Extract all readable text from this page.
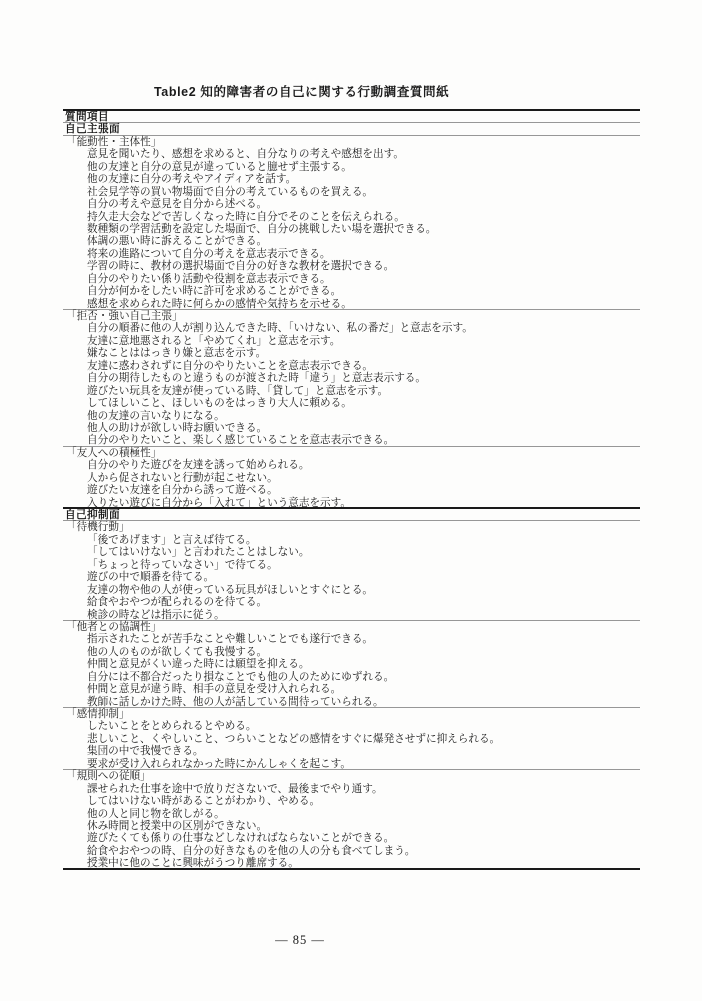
Table2 知的障害者の自己に関する行動調査質問紙
質問項目
自己主張面
「能動性・主体性」
意見を聞いたり、感想を求めると、自分なりの考えや感想を出す。
他の友達と自分の意見が違っていると臆せず主張する。
他の友達に自分の考えやアイディアを話す。
社会見学等の買い物場面で自分の考えているものを買える。
自分の考えや意見を自分から述べる。
持久走大会などで苦しくなった時に自分でそのことを伝えられる。
数種類の学習活動を設定した場面で、自分の挑戦したい場を選択できる。
体調の悪い時に訴えることができる。
将来の進路について自分の考えを意志表示できる。
学習の時に、教材の選択場面で自分の好きな教材を選択できる。
自分のやりたい係り活動や役割を意志表示できる。
自分が何かをしたい時に許可を求めることができる。
感想を求められた時に何らかの感情や気持ちを示せる。
「拒否・強い自己主張」
自分の順番に他の人が割り込んできた時、「いけない、私の番だ」と意志を示す。
友達に意地悪されると「やめてくれ」と意志を示す。
嫌なことははっきり嫌と意志を示す。
友達に惑わされずに自分のやりたいことを意志表示できる。
自分の期待したものと違うものが渡された時「違う」と意志表示する。
遊びたい玩具を友達が使っている時、「貸して」と意志を示す。
してほしいこと、ほしいものをはっきり大人に頼める。
他の友達の言いなりになる。
他人の助けが欲しい時お願いできる。
自分のやりたいこと、楽しく感じていることを意志表示できる。
「友人への積極性」
自分のやりた遊びを友達を誘って始められる。
人から促されないと行動が起こせない。
遊びたい友達を自分から誘って遊べる。
入りたい遊びに自分から「入れて」という意志を示す。
自己抑制面
「待機行動」
「後であげます」と言えば待てる。
「してはいけない」と言われたことはしない。
「ちょっと待っていなさい」で待てる。
遊びの中で順番を待てる。
友達の物や他の人が使っている玩具がほしいとすぐにとる。
給食やおやつが配られるのを待てる。
検診の時などは指示に従う。
「他者との協調性」
指示されたことが苦手なことや難しいことでも遂行できる。
他の人のものが欲しくても我慢する。
仲間と意見がくい違った時には願望を抑える。
自分には不都合だったり損なことでも他の人のためにゆずれる。
仲間と意見が違う時、相手の意見を受け入れられる。
教師に話しかけた時、他の人が話している間待っていられる。
「感情抑制」
したいことをとめられるとやめる。
悲しいこと、くやしいこと、つらいことなどの感情をすぐに爆発させずに抑えられる。
集団の中で我慢できる。
要求が受け入れられなかった時にかんしゃくを起こす。
「規則への従順」
課せられた仕事を途中で放りださないで、最後までやり通す。
してはいけない時があることがわかり、やめる。
他の人と同じ物を欲しがる。
休み時間と授業中の区別ができない。
遊びたくても係りの仕事などしなければならないことができる。
給食やおやつの時、自分の好きなものを他の人の分も食べてしまう。
授業中に他のことに興味がうつり離席する。
— 85 —
